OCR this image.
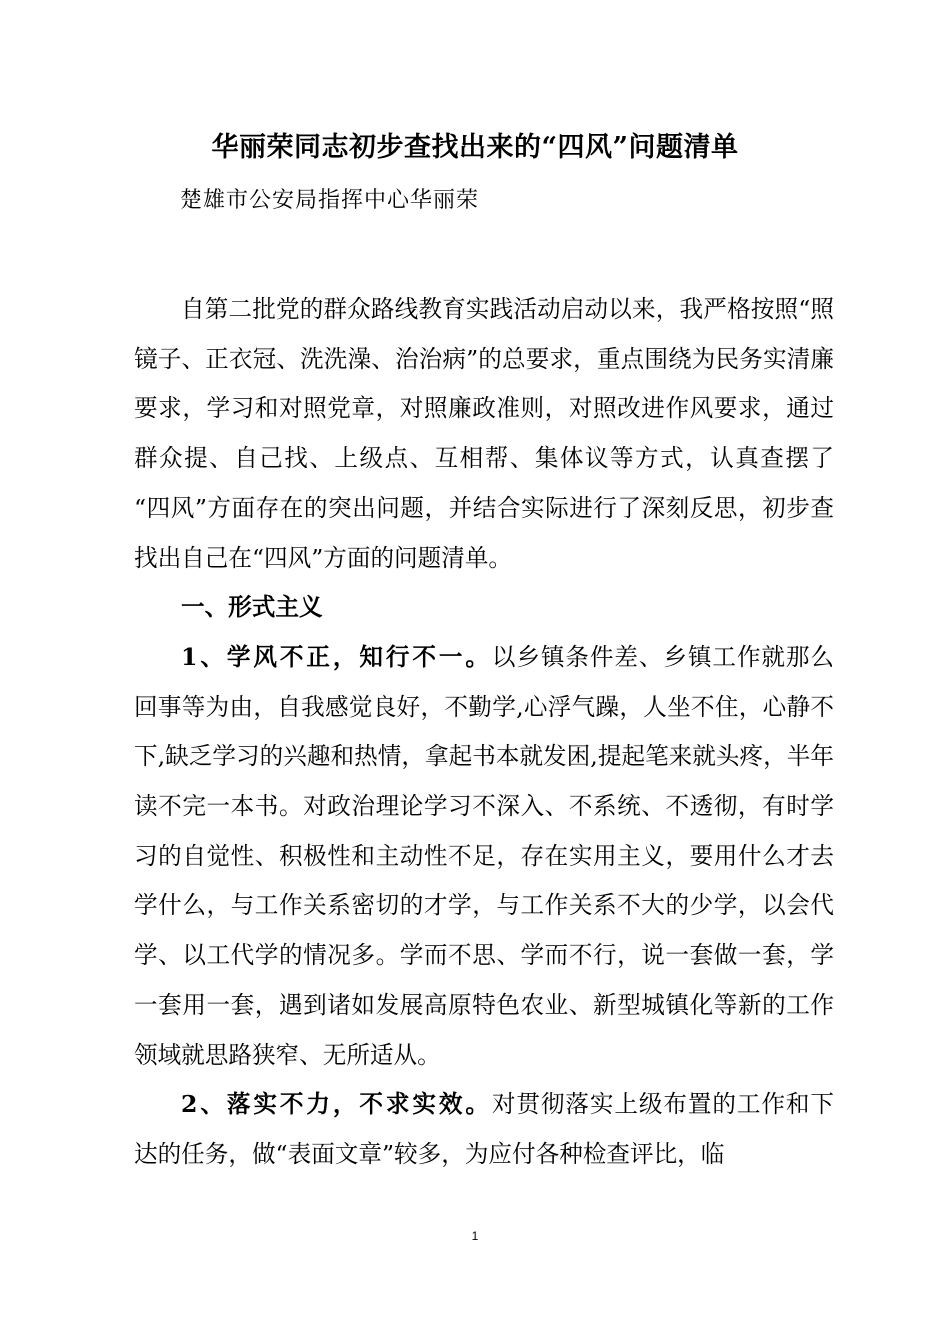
华丽荣同志初步查找出来的“四风”问题清单
楚雄市公安局指挥中心华丽荣

自第二批党的群众路线教育实践活动启动以来，我严格按照“照镜子、正衣冠、洗洗澡、治治病”的总要求，重点围绕为民务实清廉要求，学习和对照党章，对照廉政准则，对照改进作风要求，通过群众提、自己找、上级点、互相帮、集体议等方式，认真查摆了 “四风”方面存在的突出问题，并结合实际进行了深刻反思，初步查找出自己在“四风”方面的问题清单。

一、形式主义

1、学风不正，知行不一。以乡镇条件差、乡镇工作就那么回事等为由，自我感觉良好，不勤学,心浮气躁，人坐不住，心静不下,缺乏学习的兴趣和热情，拿起书本就发困,提起笔来就头疼，半年读不完一本书。对政治理论学习不深入、不系统、不透彻，有时学习的自觉性、积极性和主动性不足，存在实用主义，要用什么才去学什么，与工作关系密切的才学，与工作关系不大的少学，以会代学、以工代学的情况多。学而不思、学而不行，说一套做一套，学一套用一套，遇到诸如发展高原特色农业、新型城镇化等新的工作领域就思路狭窄、无所适从。

2、落实不力，不求实效。对贯彻落实上级布置的工作和下达的任务，做“表面文章”较多，为应付各种检查评比，临

1
